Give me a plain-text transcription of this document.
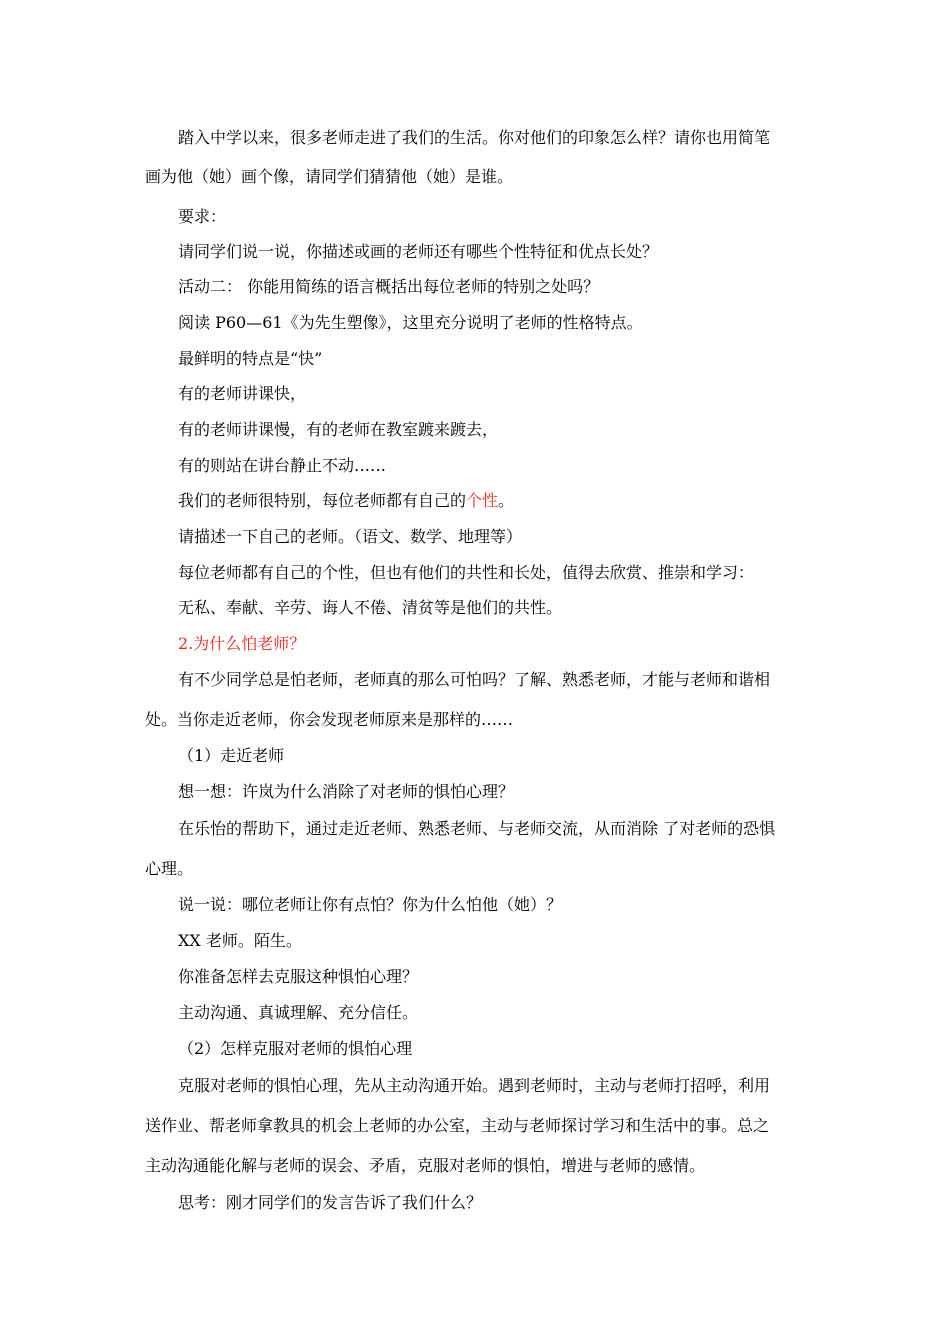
踏入中学以来，很多老师走进了我们的生活。你对他们的印象怎么样？请你也用简笔
画为他（她）画个像，请同学们猜猜他（她）是谁。
要求：
请同学们说一说，你描述或画的老师还有哪些个性特征和优点长处？
活动二： 你能用简练的语言概括出每位老师的特别之处吗？
阅读 P60—61《为先生塑像》，这里充分说明了老师的性格特点。
最鲜明的特点是“快”
有的老师讲课快，
有的老师讲课慢，有的老师在教室踱来踱去，
有的则站在讲台静止不动……
我们的老师很特别，每位老师都有自己的个性。
请描述一下自己的老师。（语文、数学、地理等）
每位老师都有自己的个性，但也有他们的共性和长处，值得去欣赏、推崇和学习：
无私、奉献、辛劳、诲人不倦、清贫等是他们的共性。
2.为什么怕老师？
有不少同学总是怕老师，老师真的那么可怕吗？了解、熟悉老师，才能与老师和谐相
处。当你走近老师，你会发现老师原来是那样的……
（1）走近老师
想一想：许岚为什么消除了对老师的惧怕心理？
在乐怡的帮助下，通过走近老师、熟悉老师、与老师交流，从而消除 了对老师的恐惧
心理。
说一说：哪位老师让你有点怕？你为什么怕他（她）？
XX 老师。陌生。
你准备怎样去克服这种惧怕心理？
主动沟通、真诚理解、充分信任。
（2）怎样克服对老师的惧怕心理
克服对老师的惧怕心理，先从主动沟通开始。遇到老师时，主动与老师打招呼，利用
送作业、帮老师拿教具的机会上老师的办公室，主动与老师探讨学习和生活中的事。总之
主动沟通能化解与老师的误会、矛盾，克服对老师的惧怕，增进与老师的感情。
思考：刚才同学们的发言告诉了我们什么？
